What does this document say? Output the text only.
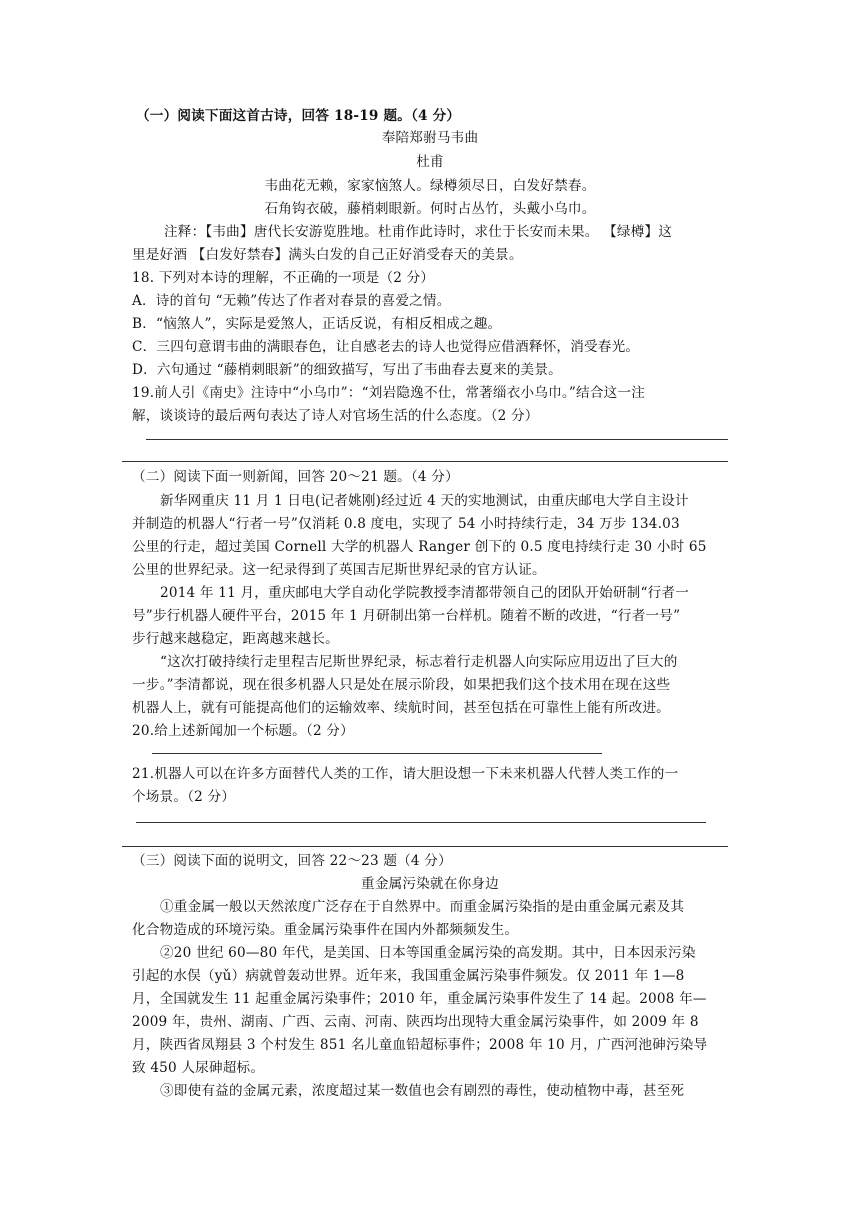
（一）阅读下面这首古诗，回答 18-19 题。（4 分）
奉陪郑驸马韦曲
杜甫
韦曲花无赖，家家恼煞人。绿樽须尽日，白发好禁春。
石角钩衣破，藤梢刺眼新。何时占丛竹，头戴小乌巾。
注释：【韦曲】唐代长安游览胜地。杜甫作此诗时，求仕于长安而未果。 【绿樽】这
里是好酒 【白发好禁春】满头白发的自己正好消受春天的美景。
18. 下列对本诗的理解，不正确的一项是（2 分）
A．诗的首句 “无赖”传达了作者对春景的喜爱之情。
B．“恼煞人”，实际是爱煞人，正话反说，有相反相成之趣。
C．三四句意谓韦曲的满眼春色，让自感老去的诗人也觉得应借酒释怀，消受春光。
D．六句通过 “藤梢刺眼新”的细致描写，写出了韦曲春去夏来的美景。
19.前人引《南史》注诗中“小乌巾”：“刘岩隐逸不仕，常著缁衣小乌巾。”结合这一注
解，谈谈诗的最后两句表达了诗人对官场生活的什么态度。（2 分）
（二）阅读下面一则新闻，回答 20～21 题。（4 分）
新华网重庆 11 月 1 日电(记者姚刚)经过近 4 天的实地测试，由重庆邮电大学自主设计
并制造的机器人“行者一号”仅消耗 0.8 度电，实现了 54 小时持续行走，34 万步 134.03
公里的行走，超过美国 Cornell 大学的机器人 Ranger 创下的 0.5 度电持续行走 30 小时 65
公里的世界纪录。这一纪录得到了英国吉尼斯世界纪录的官方认证。
2014 年 11 月，重庆邮电大学自动化学院教授李清都带领自己的团队开始研制“行者一
号”步行机器人硬件平台，2015 年 1 月研制出第一台样机。随着不断的改进，“行者一号”
步行越来越稳定，距离越来越长。
“这次打破持续行走里程吉尼斯世界纪录，标志着行走机器人向实际应用迈出了巨大的
一步。”李清都说，现在很多机器人只是处在展示阶段，如果把我们这个技术用在现在这些
机器人上，就有可能提高他们的运输效率、续航时间，甚至包括在可靠性上能有所改进。
20.给上述新闻加一个标题。（2 分）
21.机器人可以在许多方面替代人类的工作，请大胆设想一下未来机器人代替人类工作的一
个场景。（2 分）
（三）阅读下面的说明文，回答 22～23 题（4 分）
重金属污染就在你身边
①重金属一般以天然浓度广泛存在于自然界中。而重金属污染指的是由重金属元素及其
化合物造成的环境污染。重金属污染事件在国内外都频频发生。
②20 世纪 60—80 年代，是美国、日本等国重金属污染的高发期。其中，日本因汞污染
引起的水俣（yǔ）病就曾轰动世界。近年来，我国重金属污染事件频发。仅 2011 年 1—8
月，全国就发生 11 起重金属污染事件；2010 年，重金属污染事件发生了 14 起。2008 年—
2009 年，贵州、湖南、广西、云南、河南、陕西均出现特大重金属污染事件，如 2009 年 8
月，陕西省凤翔县 3 个村发生 851 名儿童血铅超标事件；2008 年 10 月，广西河池砷污染导
致 450 人尿砷超标。
③即使有益的金属元素，浓度超过某一数值也会有剧烈的毒性，使动植物中毒，甚至死
